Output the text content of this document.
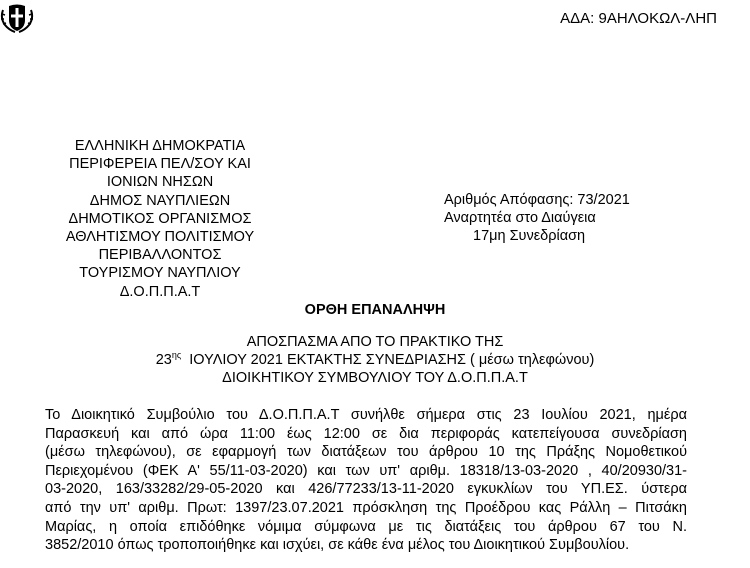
ΑΔΑ: 9ΑΗΛΟΚΩΛ-ΛΗΠ
ΕΛΛΗΝΙΚΗ ΔΗΜΟΚΡΑΤΙΑ
ΠΕΡΙΦΕΡΕΙΑ ΠΕΛ/ΣΟΥ ΚΑΙ
ΙΟΝΙΩΝ ΝΗΣΩΝ
ΔΗΜΟΣ ΝΑΥΠΛΙΕΩΝ
ΔΗΜΟΤΙΚΟΣ ΟΡΓΑΝΙΣΜΟΣ
ΑΘΛΗΤΙΣΜΟΥ ΠΟΛΙΤΙΣΜΟΥ
ΠΕΡΙΒΑΛΛΟΝΤΟΣ
ΤΟΥΡΙΣΜΟΥ ΝΑΥΠΛΙΟΥ
Δ.Ο.Π.Π.Α.Τ
Αριθμός Απόφασης: 73/2021
Αναρτητέα στο Διαύγεια
17μη Συνεδρίαση
ΟΡΘΗ ΕΠΑΝΑΛΗΨΗ
ΑΠΟΣΠΑΣΜΑ ΑΠΟ ΤΟ ΠΡΑΚΤΙΚΟ ΤΗΣ
$23^{\eta\varsigma}$  ΙΟΥΛΙΟΥ 2021 ΕΚΤΑΚΤΗΣ ΣΥΝΕΔΡΙΑΣΗΣ ( μέσω τηλεφώνου)
ΔΙΟΙΚΗΤΙΚΟΥ ΣΥΜΒΟΥΛΙΟΥ ΤΟΥ Δ.Ο.Π.Π.Α.Τ
Το Διοικητικό Συμβούλιο του Δ.Ο.Π.Π.Α.Τ συνήλθε σήμερα στις 23 Ιουλίου 2021, ημέρα
Παρασκευή και από ώρα 11:00 έως 12:00 σε δια περιφοράς κατεπείγουσα συνεδρίαση
(μέσω τηλεφώνου), σε εφαρμογή των διατάξεων του άρθρου 10 της Πράξης Νομοθετικού
Περιεχομένου (ΦΕΚ Α' 55/11-03-2020) και των υπ' αριθμ. 18318/13-03-2020 , 40/20930/31-
03-2020, 163/33282/29-05-2020 και 426/77233/13-11-2020 εγκυκλίων του ΥΠ.ΕΣ. ύστερα
από την υπ' αριθμ. Πρωτ: 1397/23.07.2021 πρόσκληση της Προέδρου κας Ράλλη – Πιτσάκη
Μαρίας, η οποία επιδόθηκε νόμιμα σύμφωνα με τις διατάξεις του άρθρου 67 του Ν.
3852/2010 όπως τροποποιήθηκε και ισχύει, σε κάθε ένα μέλος του Διοικητικού Συμβουλίου.
